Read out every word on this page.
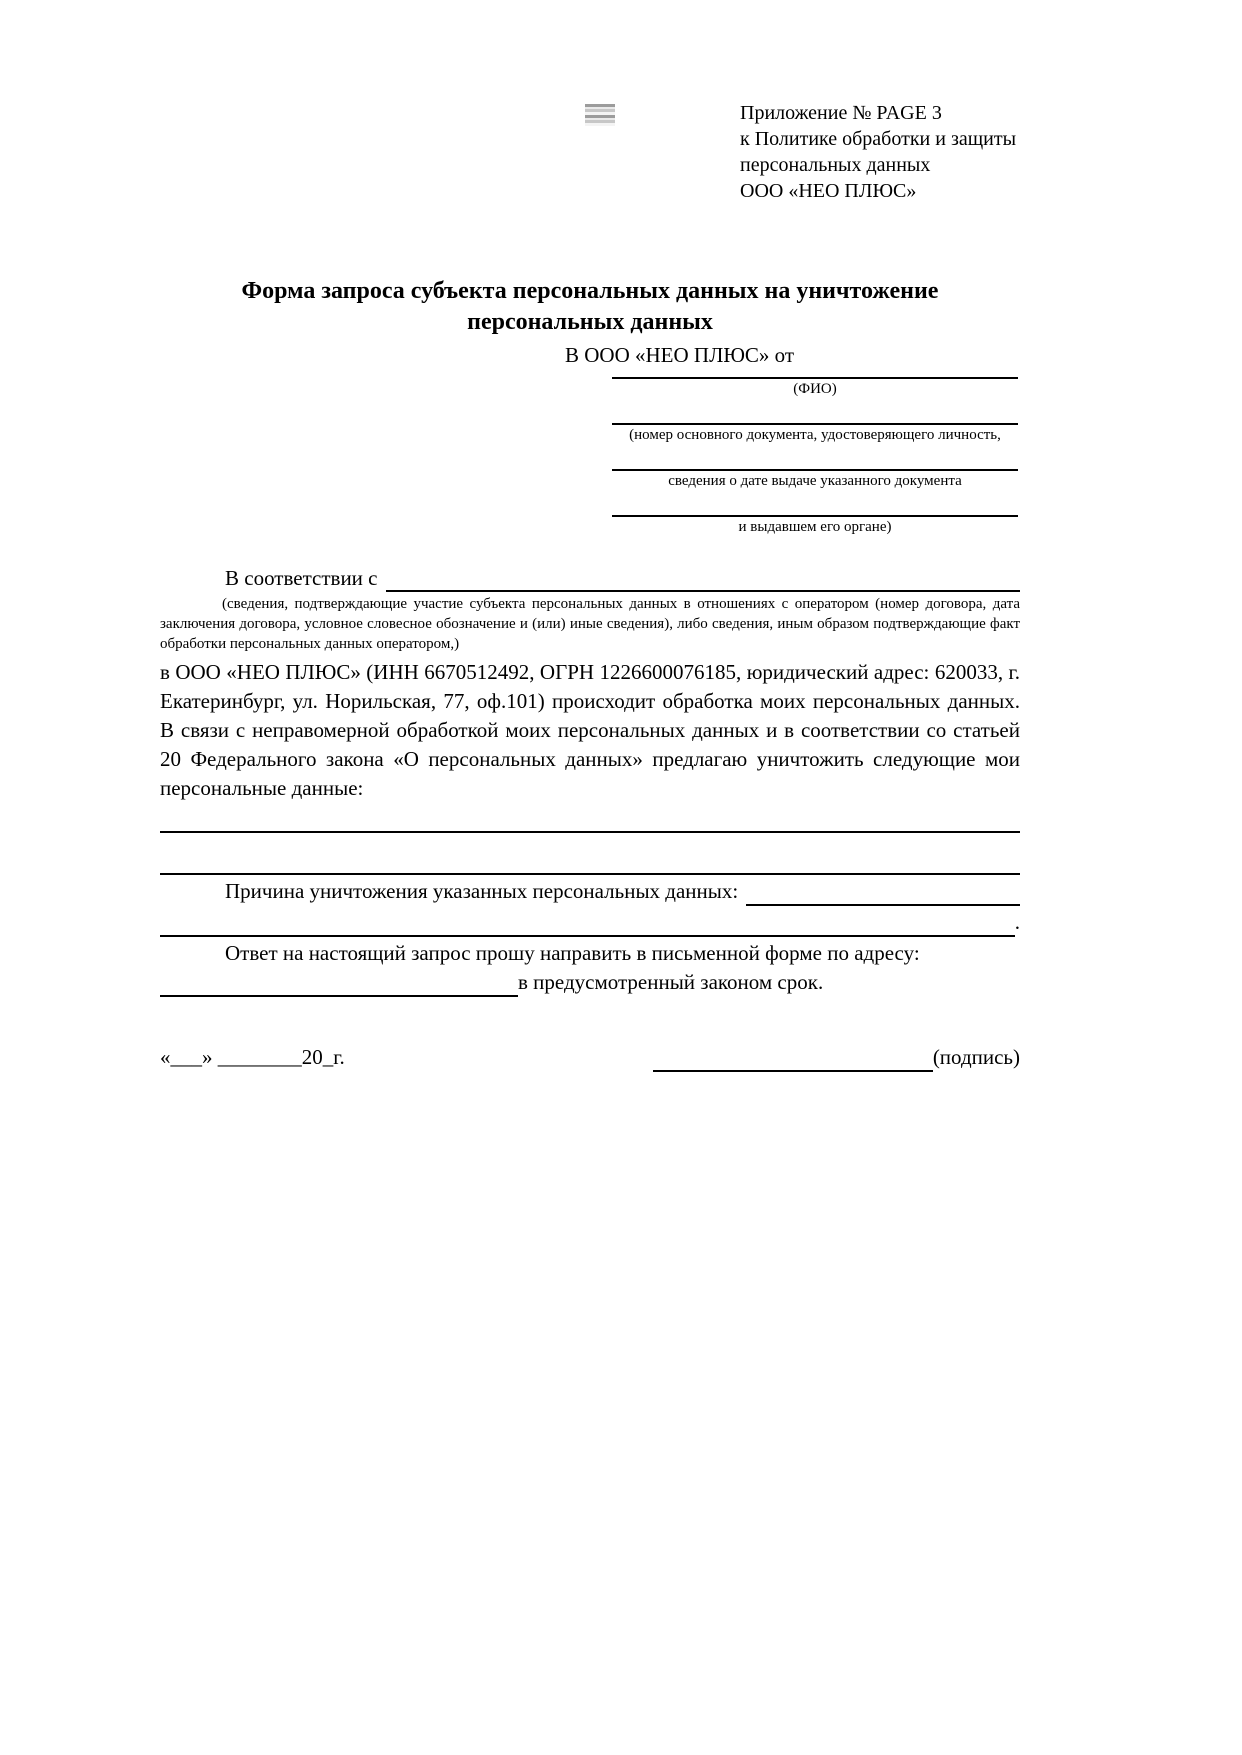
Приложение № PAGE 3
к Политике обработки и защиты
персональных данных
ООО «НЕО ПЛЮС»
Форма запроса субъекта персональных данных на уничтожение
персональных данных
В ООО «НЕО ПЛЮС» от
(ФИО)
(номер основного документа, удостоверяющего личность,
сведения о дате выдаче указанного документа
и выдавшем его органе)
В соответствии с
(сведения, подтверждающие участие субъекта персональных данных в отношениях с оператором (номер договора, дата заключения договора, условное словесное обозначение и (или) иные сведения), либо сведения, иным образом подтверждающие факт обработки персональных данных оператором,)
в ООО «НЕО ПЛЮС» (ИНН 6670512492, ОГРН 1226600076185, юридический адрес: 620033, г. Екатеринбург, ул. Норильская, 77, оф.101) происходит обработка моих персональных данных. В связи с неправомерной обработкой моих персональных данных и в соответствии со статьей 20 Федерального закона «О персональных данных» предлагаю уничтожить следующие мои персональные данные:
Причина уничтожения указанных персональных данных:
.
Ответ на настоящий запрос прошу направить в письменной форме по адресу:
в предусмотренный законом срок.
«___» ________20_г.	(подпись)
